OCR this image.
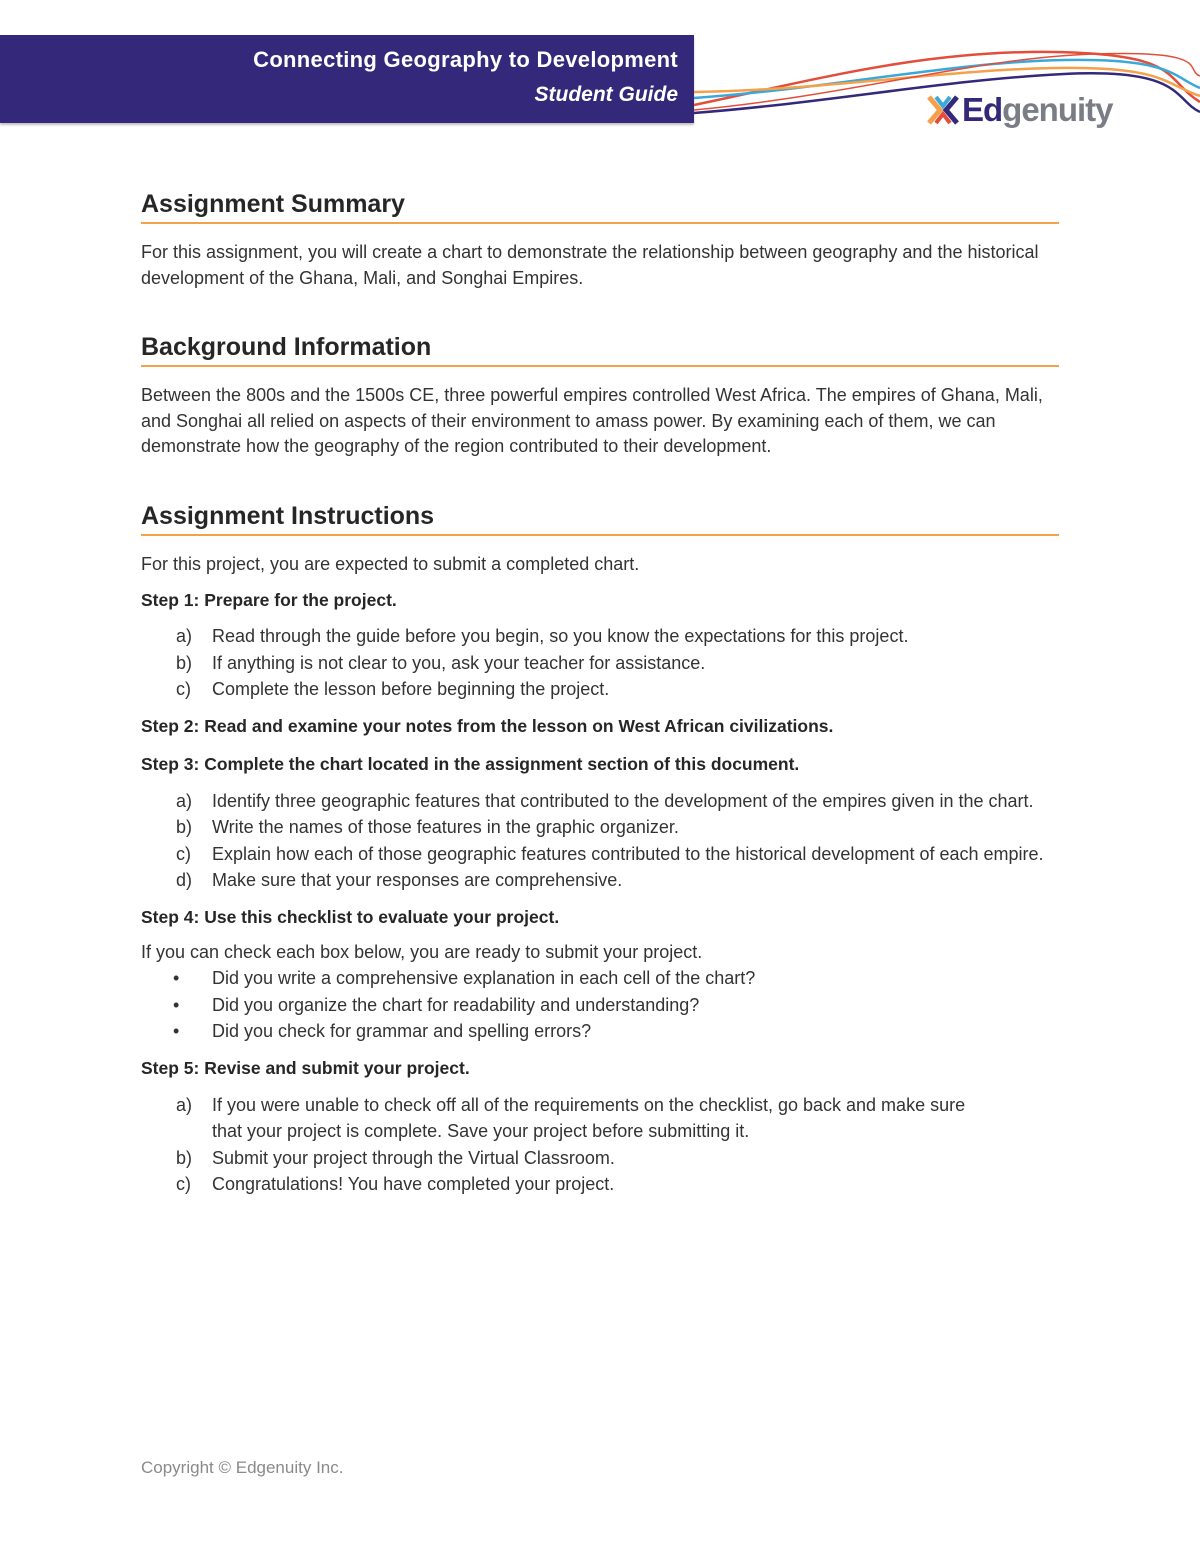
Connecting Geography to Development
Student Guide	Edgenuity
Assignment Summary

For this assignment, you will create a chart to demonstrate the relationship between geography and the historical development of the Ghana, Mali, and Songhai Empires.

Background Information

Between the 800s and the 1500s CE, three powerful empires controlled West Africa. The empires of Ghana, Mali, and Songhai all relied on aspects of their environment to amass power. By examining each of them, we can demonstrate how the geography of the region contributed to their development.

Assignment Instructions

For this project, you are expected to submit a completed chart.

Step 1: Prepare for the project.

a) Read through the guide before you begin, so you know the expectations for this project.
b) If anything is not clear to you, ask your teacher for assistance.
c) Complete the lesson before beginning the project.

Step 2: Read and examine your notes from the lesson on West African civilizations.

Step 3: Complete the chart located in the assignment section of this document.

a) Identify three geographic features that contributed to the development of the empires given in the chart.
b) Write the names of those features in the graphic organizer.
c) Explain how each of those geographic features contributed to the historical development of each empire.
d) Make sure that your responses are comprehensive.

Step 4: Use this checklist to evaluate your project.

If you can check each box below, you are ready to submit your project.

• Did you write a comprehensive explanation in each cell of the chart?
• Did you organize the chart for readability and understanding?
• Did you check for grammar and spelling errors?

Step 5: Revise and submit your project.

a) If you were unable to check off all of the requirements on the checklist, go back and make sure that your project is complete. Save your project before submitting it.
b) Submit your project through the Virtual Classroom.
c) Congratulations! You have completed your project.
Copyright © Edgenuity Inc.
